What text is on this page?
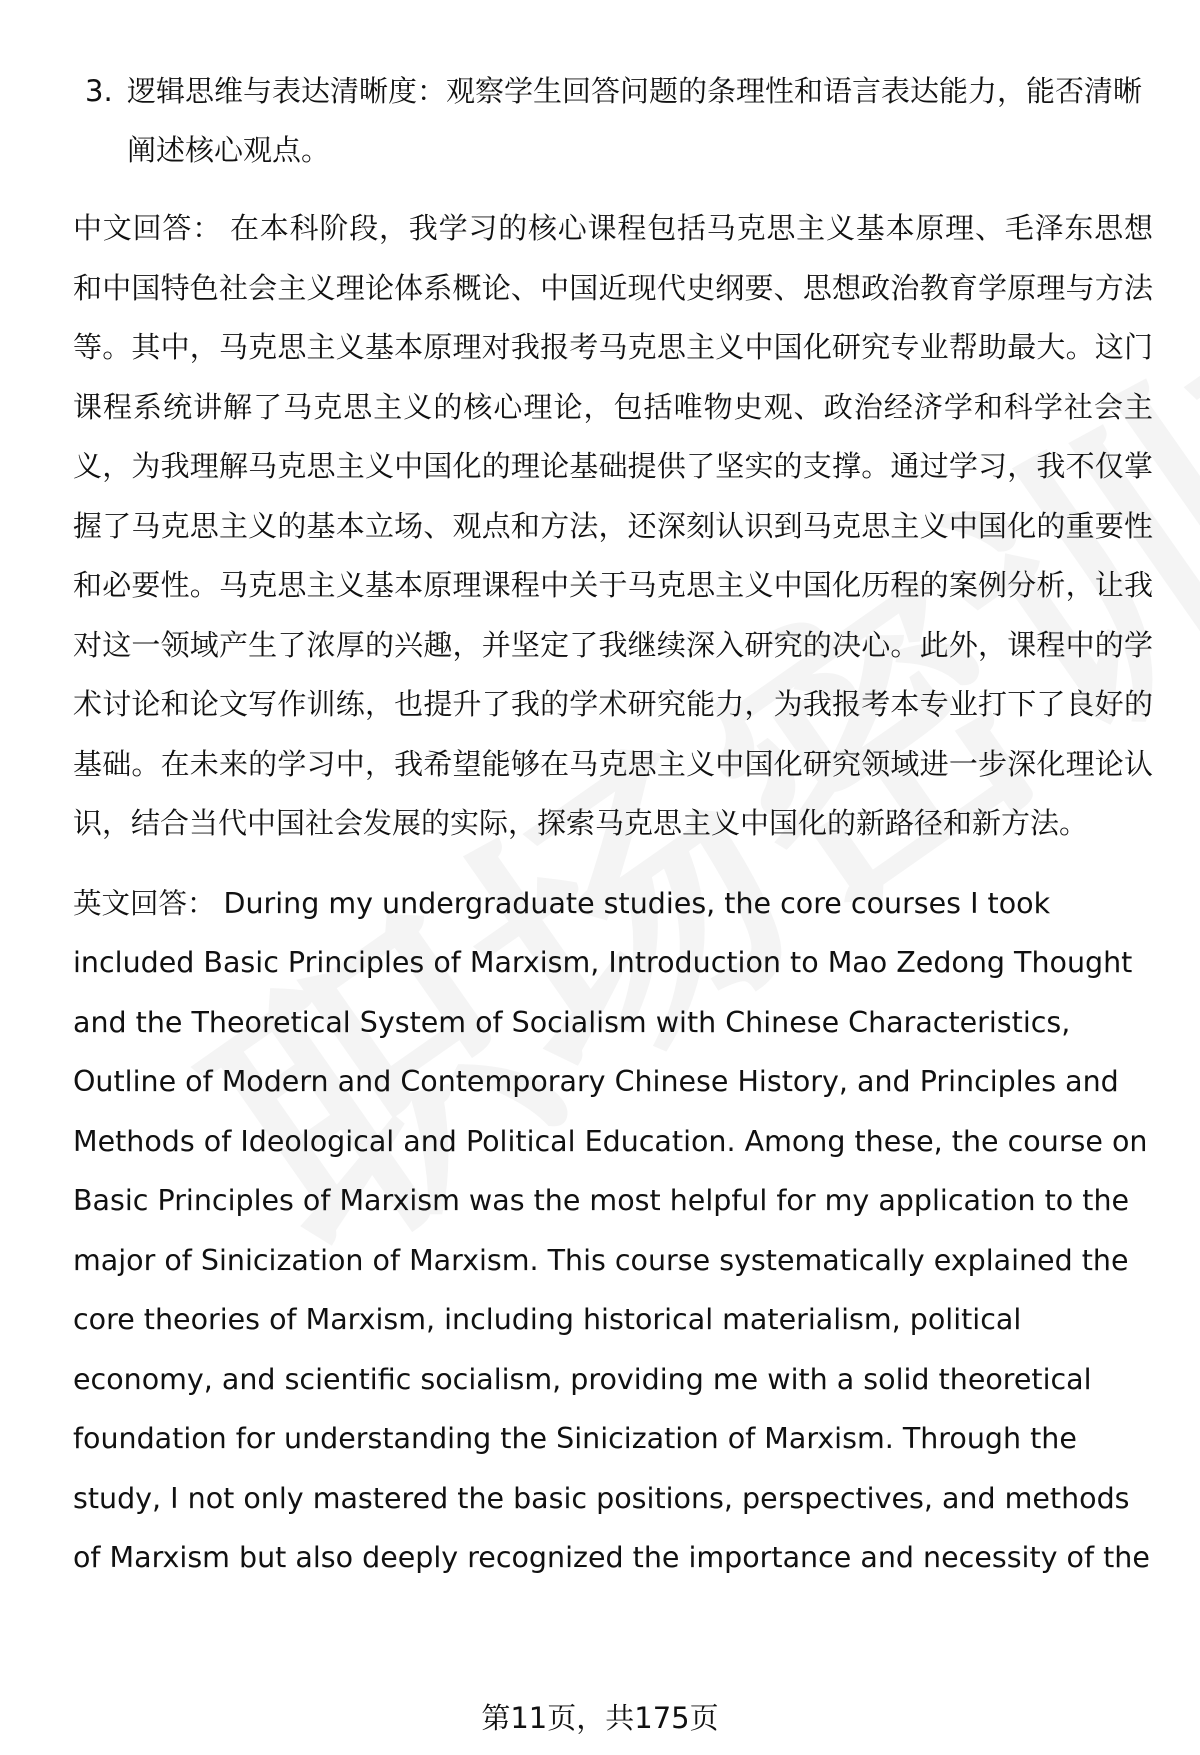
3. 逻辑思维与表达清晰度：观察学生回答问题的条理性和语言表达能力，能否清晰阐述核心观点。

中文回答： 在本科阶段，我学习的核心课程包括马克思主义基本原理、毛泽东思想和中国特色社会主义理论体系概论、中国近现代史纲要、思想政治教育学原理与方法等。其中，马克思主义基本原理对我报考马克思主义中国化研究专业帮助最大。这门课程系统讲解了马克思主义的核心理论，包括唯物史观、政治经济学和科学社会主义，为我理解马克思主义中国化的理论基础提供了坚实的支撑。通过学习，我不仅掌握了马克思主义的基本立场、观点和方法，还深刻认识到马克思主义中国化的重要性和必要性。马克思主义基本原理课程中关于马克思主义中国化历程的案例分析，让我对这一领域产生了浓厚的兴趣，并坚定了我继续深入研究的决心。此外，课程中的学术讨论和论文写作训练，也提升了我的学术研究能力，为我报考本专业打下了良好的基础。在未来的学习中，我希望能够在马克思主义中国化研究领域进一步深化理论认识，结合当代中国社会发展的实际，探索马克思主义中国化的新路径和新方法。

英文回答： During my undergraduate studies, the core courses I took included Basic Principles of Marxism, Introduction to Mao Zedong Thought and the Theoretical System of Socialism with Chinese Characteristics, Outline of Modern and Contemporary Chinese History, and Principles and Methods of Ideological and Political Education. Among these, the course on Basic Principles of Marxism was the most helpful for my application to the major of Sinicization of Marxism. This course systematically explained the core theories of Marxism, including historical materialism, political economy, and scientific socialism, providing me with a solid theoretical foundation for understanding the Sinicization of Marxism. Through the study, I not only mastered the basic positions, perspectives, and methods of Marxism but also deeply recognized the importance and necessity of the

第11页，共175页
